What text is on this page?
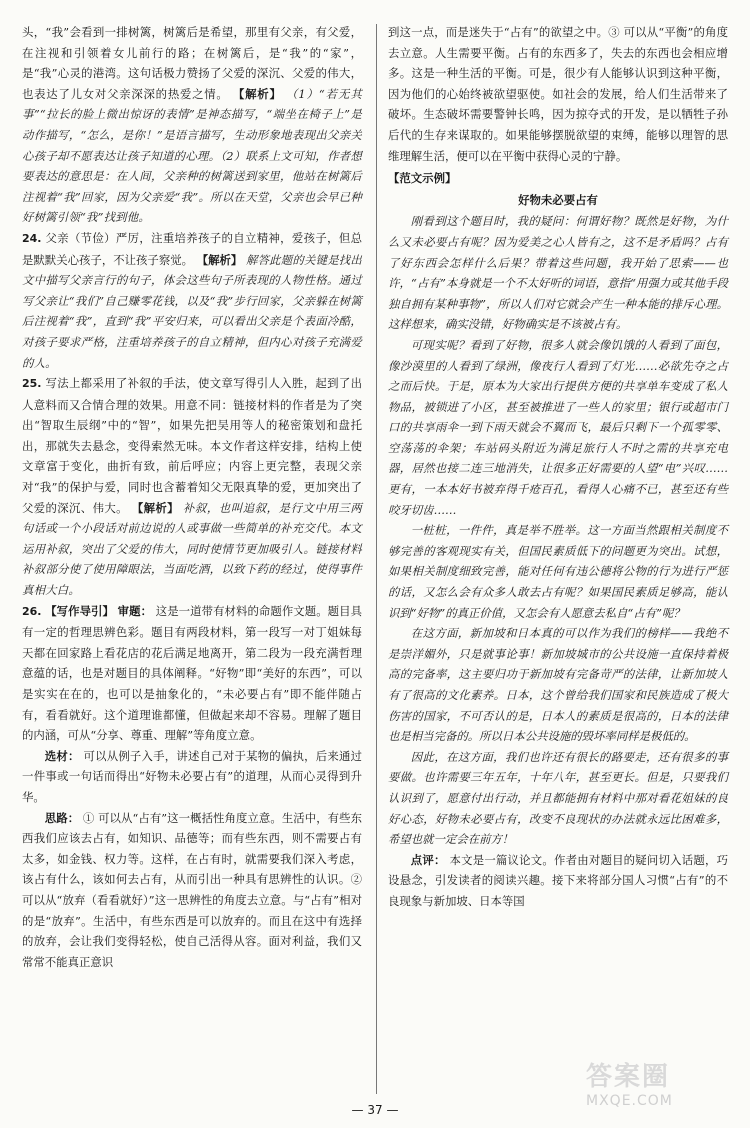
头，“我”会看到一排树篱，树篱后是希望，那里有父亲，有父爱，在注视和引领着女儿前行的路；在树篱后，是“我”的“家”，是“我”心灵的港湾。这句话极力赞扬了父爱的深沉、父爱的伟大，也表达了儿女对父亲深深的热爱之情。 【解析】 （1）“若无其事”“拉长的脸上微出惊讶的表情”是神态描写，“端坐在椅子上”是动作描写，“怎么，是你！”是语言描写，生动形象地表现出父亲关心孩子却不愿表达让孩子知道的心理。（2）联系上文可知，作者想要表达的意思是：在人间，父亲种的树篱送到家里，他站在树篱后注视着“我”回家，因为父亲爱“我”。所以在天堂，父亲也会早已种好树篱引领“我”找到他。

24. 父亲（节俭）严厉，注重培养孩子的自立精神，爱孩子，但总是默默关心孩子，不让孩子察觉。 【解析】 解答此题的关键是找出文中描写父亲言行的句子，体会这些句子所表现的人物性格。通过写父亲让“我们”自己赚零花钱，以及“我”步行回家，父亲躲在树篱后注视着“我”，直到“我”平安归来，可以看出父亲是个表面冷酷，对孩子要求严格，注重培养孩子的自立精神，但内心对孩子充满爱的人。

25. 写法上都采用了补叙的手法，使文章写得引人入胜，起到了出人意料而又合情合理的效果。用意不同：链接材料的作者是为了突出“智取生辰纲”中的“智”，如果先把吴用等人的秘密策划和盘托出，那就失去悬念，变得索然无味。本文作者这样安排，结构上使文章富于变化，曲折有致，前后呼应；内容上更完整，表现父亲对“我”的保护与爱，同时也含蓄着知父无限真挚的爱，更加突出了父爱的深沉、伟大。 【解析】 补叙，也叫追叙，是行文中用三两句话或一个小段话对前边说的人或事做一些简单的补充交代。本文运用补叙，突出了父爱的伟大，同时使情节更加吸引人。链接材料补叙部分使了使用障眼法，当面吃酒，以致下药的经过，使得事件真相大白。

26. 【写作导引】 审题： 这是一道带有材料的命题作文题。题目具有一定的哲理思辨色彩。题目有两段材料，第一段写一对丁姐妹每天都在回家路上看花店的花后满足地离开，第二段为一段充满哲理意蕴的话，也是对题目的具体阐释。“好物”即“美好的东西”，可以是实实在在的，也可以是抽象化的，“未必要占有”即不能伴随占有，看看就好。这个道理谁都懂，但做起来却不容易。理解了题目的内涵，可从“分享、尊重、理解”等角度立意。

选材： 可以从例子入手，讲述自己对于某物的偏执，后来通过一件事或一句话而得出“好物未必要占有”的道理，从而心灵得到升华。

思路： ① 可以从“占有”这一概括性角度立意。生活中，有些东西我们应该去占有，如知识、品德等；而有些东西，则不需要占有太多，如金钱、权力等。这样，在占有时，就需要我们深入考虑，该占有什么，该如何去占有，从而引出一种具有思辨性的认识。② 可以从“放弃（看看就好）”这一思辨性的角度去立意。与“占有”相对的是“放弃”。生活中，有些东西是可以放弃的。而且在这中有选择的放弃，会让我们变得轻松，使自己活得从容。面对利益，我们又常常不能真正意识

到这一点，而是迷失于“占有”的欲望之中。③ 可以从“平衡”的角度去立意。人生需要平衡。占有的东西多了，失去的东西也会相应增多。这是一种生活的平衡。可是，很少有人能够认识到这种平衡，因为他们的心始终被欲望驱使。如社会的发展，给人们生活带来了破坏。生态破坏需要警钟长鸣，因为掠夺式的开发，是以牺牲子孙后代的生存来谋取的。如果能够摆脱欲望的束缚，能够以理智的思维理解生活，便可以在平衡中获得心灵的宁静。

【范文示例】

好物未必要占有

刚看到这个题目时，我的疑问：何谓好物？既然是好物，为什么又未必要占有呢？因为爱美之心人皆有之，这不是矛盾吗？占有了好东西会怎样什么后果？带着这些问题，我开始了思索——也许，“占有”本身就是一个不太好听的词语，意指“用强力或其他手段独自拥有某种事物”，所以人们对它就会产生一种本能的排斥心理。这样想来，确实没错，好物确实是不该被占有。

可现实呢？看到了好物，很多人就会像饥饿的人看到了面包，像沙漠里的人看到了绿洲，像夜行人看到了灯光……必欲先夺之占之而后快。于是，原本为大家出行提供方便的共享单车变成了私人物品，被锁进了小区，甚至被推进了一些人的家里；银行或超市门口的共享雨伞一到下雨天就会不翼而飞，最后只剩下一个孤零零、空荡荡的伞架；车站码头附近为满足旅行人不时之需的共享充电器，居然也接二连三地消失，让很多正好需要的人望“电”兴叹……更有，一本本好书被弃得千疮百孔，看得人心痛不已，甚至还有些咬牙切齿……

一桩桩，一件件，真是举不胜举。这一方面当然跟相关制度不够完善的客观现实有关，但国民素质低下的问题更为突出。试想，如果相关制度细致完善，能对任何有违公德将公物的行为进行严惩的话，又怎么会有众多人敢去占有呢？如果国民素质足够高，能认识到“好物”的真正价值，又怎会有人愿意去私自“占有”呢？

在这方面，新加坡和日本真的可以作为我们的榜样——我绝不是崇洋媚外，只是就事论事！新加坡城市的公共设施一直保持着极高的完备率，这主要归功于新加坡有完备苛严的法律，让新加坡人有了很高的文化素养。日本，这个曾给我们国家和民族造成了极大伤害的国家，不可否认的是，日本人的素质是很高的，日本的法律也是相当完备的。所以日本公共设施的毁坏率同样是极低的。

因此，在这方面，我们也许还有很长的路要走，还有很多的事要做。也许需要三年五年，十年八年，甚至更长。但是，只要我们认识到了，愿意付出行动，并且都能拥有材料中那对看花姐妹的良好心态，好物未必要占有，改变不良现状的办法就永远比困难多，希望也就一定会在前方！

点评： 本文是一篇议论文。作者由对题目的疑问切入话题，巧设悬念，引发读者的阅读兴趣。接下来将部分国人习惯“占有”的不良现象与新加坡、日本等国

— 37 —
答案圈
MXQE.COM
